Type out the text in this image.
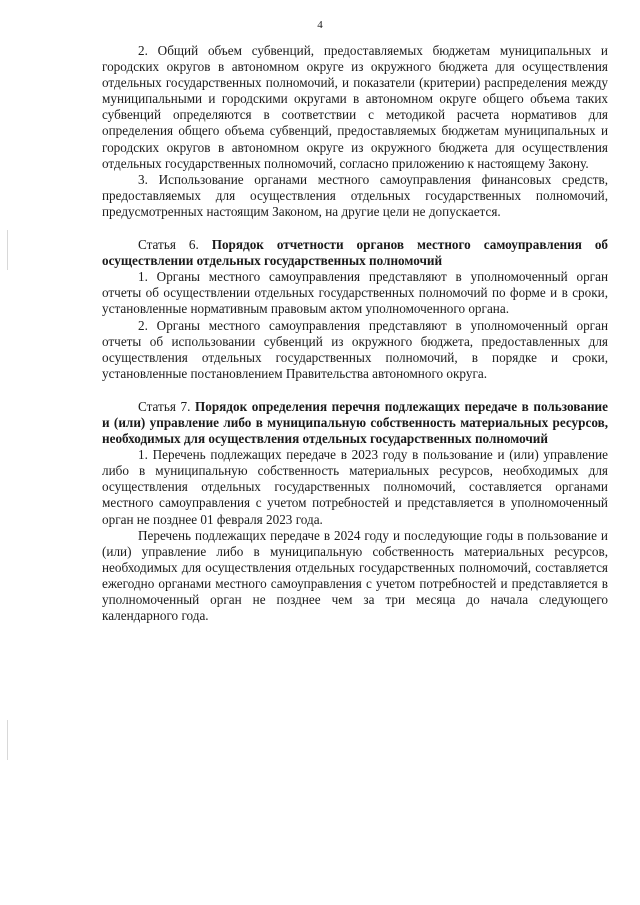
4

2. Общий объем субвенций, предоставляемых бюджетам муниципальных и городских округов в автономном округе из окружного бюджета для осуществления отдельных государственных полномочий, и показатели (критерии) распределения между муниципальными и городскими округами в автономном округе общего объема таких субвенций определяются в соответствии с методикой расчета нормативов для определения общего объема субвенций, предоставляемых бюджетам муниципальных и городских округов в автономном округе из окружного бюджета для осуществления отдельных государственных полномочий, согласно приложению к настоящему Закону.

3. Использование органами местного самоуправления финансовых средств, предоставляемых для осуществления отдельных государственных полномочий, предусмотренных настоящим Законом, на другие цели не допускается.

Статья 6. Порядок отчетности органов местного самоуправления об осуществлении отдельных государственных полномочий

1. Органы местного самоуправления представляют в уполномоченный орган отчеты об осуществлении отдельных государственных полномочий по форме и в сроки, установленные нормативным правовым актом уполномоченного органа.

2. Органы местного самоуправления представляют в уполномоченный орган отчеты об использовании субвенций из окружного бюджета, предоставленных для осуществления отдельных государственных полномочий, в порядке и сроки, установленные постановлением Правительства автономного округа.

Статья 7. Порядок определения перечня подлежащих передаче в пользование и (или) управление либо в муниципальную собственность материальных ресурсов, необходимых для осуществления отдельных государственных полномочий

1. Перечень подлежащих передаче в 2023 году в пользование и (или) управление либо в муниципальную собственность материальных ресурсов, необходимых для осуществления отдельных государственных полномочий, составляется органами местного самоуправления с учетом потребностей и представляется в уполномоченный орган не позднее 01 февраля 2023 года.

Перечень подлежащих передаче в 2024 году и последующие годы в пользование и (или) управление либо в муниципальную собственность материальных ресурсов, необходимых для осуществления отдельных государственных полномочий, составляется ежегодно органами местного самоуправления с учетом потребностей и представляется в уполномоченный орган не позднее чем за три месяца до начала следующего календарного года.
